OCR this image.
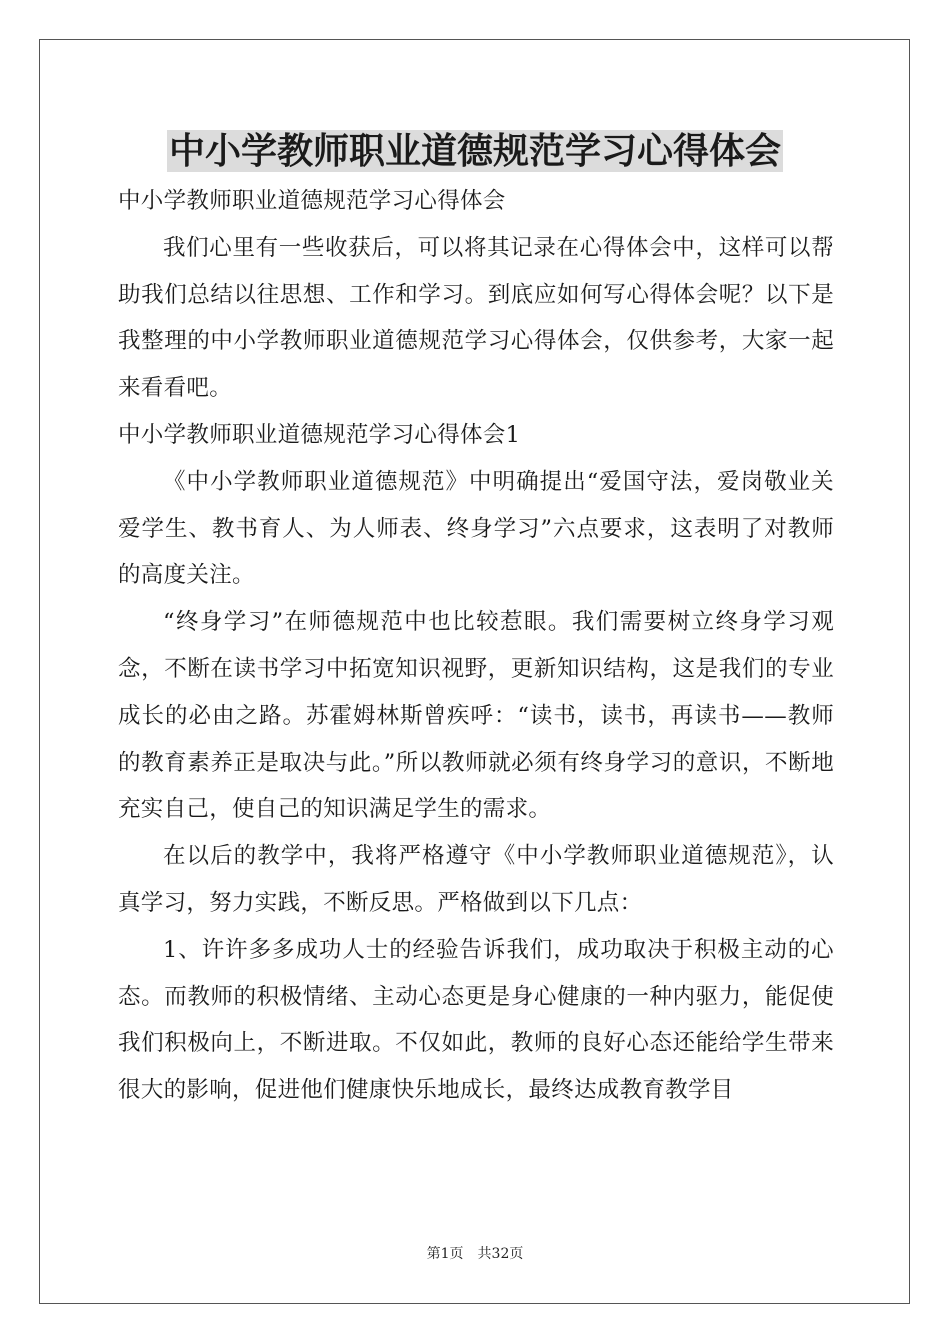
中小学教师职业道德规范学习心得体会

中小学教师职业道德规范学习心得体会

我们心里有一些收获后，可以将其记录在心得体会中，这样可以帮助我们总结以往思想、工作和学习。到底应如何写心得体会呢？以下是我整理的中小学教师职业道德规范学习心得体会，仅供参考，大家一起来看看吧。

中小学教师职业道德规范学习心得体会1

《中小学教师职业道德规范》中明确提出“爱国守法，爱岗敬业关爱学生、教书育人、为人师表、终身学习”六点要求，这表明了对教师的高度关注。

“终身学习”在师德规范中也比较惹眼。我们需要树立终身学习观念，不断在读书学习中拓宽知识视野，更新知识结构，这是我们的专业成长的必由之路。苏霍姆林斯曾疾呼：“读书，读书，再读书——教师的教育素养正是取决与此。”所以教师就必须有终身学习的意识，不断地充实自己，使自己的知识满足学生的需求。

在以后的教学中，我将严格遵守《中小学教师职业道德规范》，认真学习，努力实践，不断反思。严格做到以下几点：

1、许许多多成功人士的经验告诉我们，成功取决于积极主动的心态。而教师的积极情绪、主动心态更是身心健康的一种内驱力，能促使我们积极向上，不断进取。不仅如此，教师的良好心态还能给学生带来很大的影响，促进他们健康快乐地成长，最终达成教育教学目

第1页 共32页
